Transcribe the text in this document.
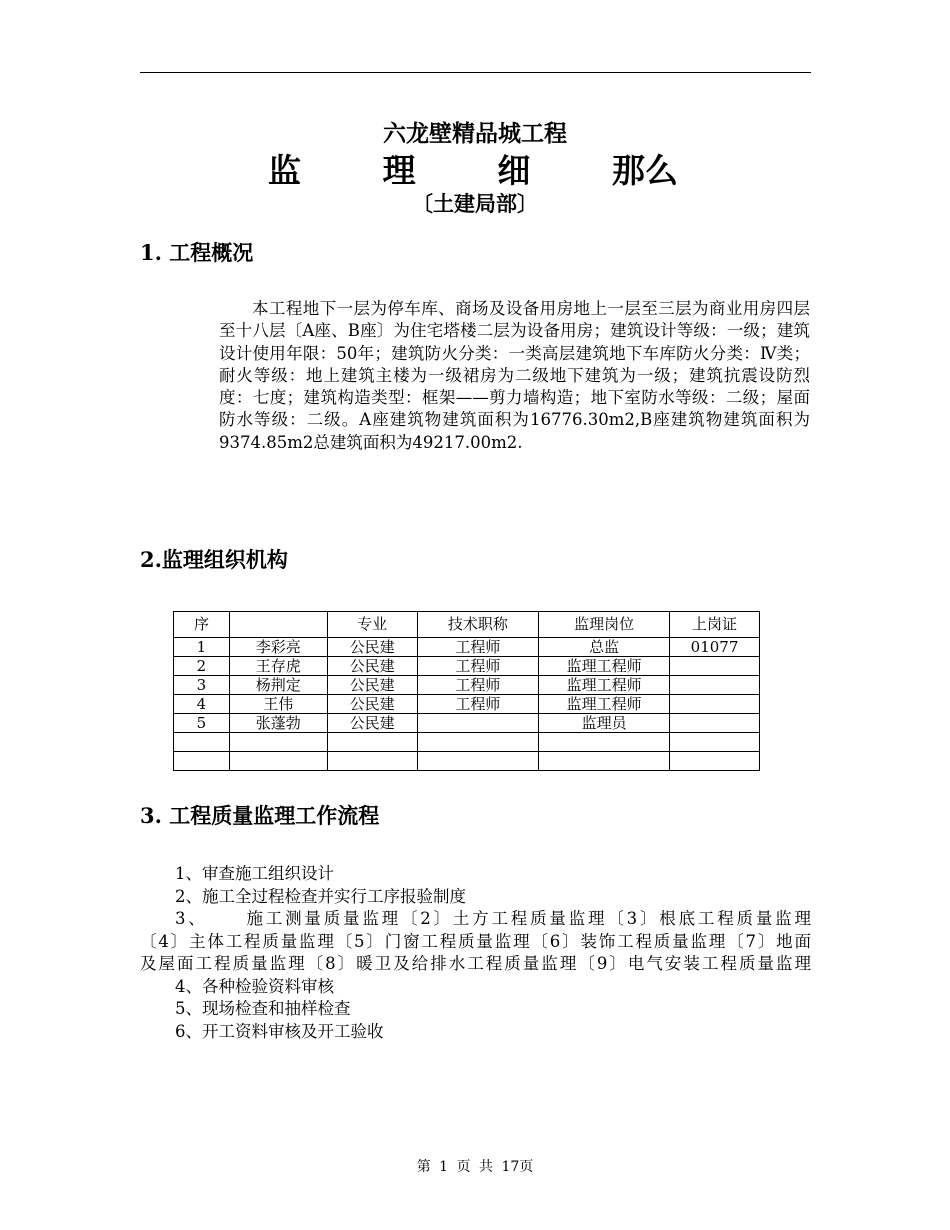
六龙壁精品城工程
监 理 细 那么
〔土建局部〕
1. 工程概况

本工程地下一层为停车库、商场及设备用房地上一层至三层为商业用房四层至十八层〔A座、B座〕为住宅塔楼二层为设备用房；建筑设计等级：一级；建筑设计使用年限：50年；建筑防火分类：一类高层建筑地下车库防火分类：Ⅳ类；耐火等级：地上建筑主楼为一级裙房为二级地下建筑为一级；建筑抗震设防烈度：七度；建筑构造类型：框架——剪力墙构造；地下室防水等级：二级；屋面防水等级：二级。A座建筑物建筑面积为16776.30m2,B座建筑物建筑面积为9374.85m2总建筑面积为49217.00m2.

2.监理组织机构
序		专业	技术职称	监理岗位	上岗证
1	李彩亮	公民建	工程师	总监	01077
2	王存虎	公民建	工程师	监理工程师	
3	杨荆定	公民建	工程师	监理工程师	
4	王伟	公民建	工程师	监理工程师	
5	张蓬勃	公民建		监理员	

3. 工程质量监理工作流程
1、审查施工组织设计
2、施工全过程检查并实行工序报验制度
3、 施工测量质量监理〔2〕土方工程质量监理〔3〕根底工程质量监理
〔4〕主体工程质量监理〔5〕门窗工程质量监理〔6〕装饰工程质量监理〔7〕地面
及屋面工程质量监理〔8〕暖卫及给排水工程质量监理〔9〕电气安装工程质量监理
4、各种检验资料审核
5、现场检查和抽样检查
6、开工资料审核及开工验收
第 1 页 共 17页
